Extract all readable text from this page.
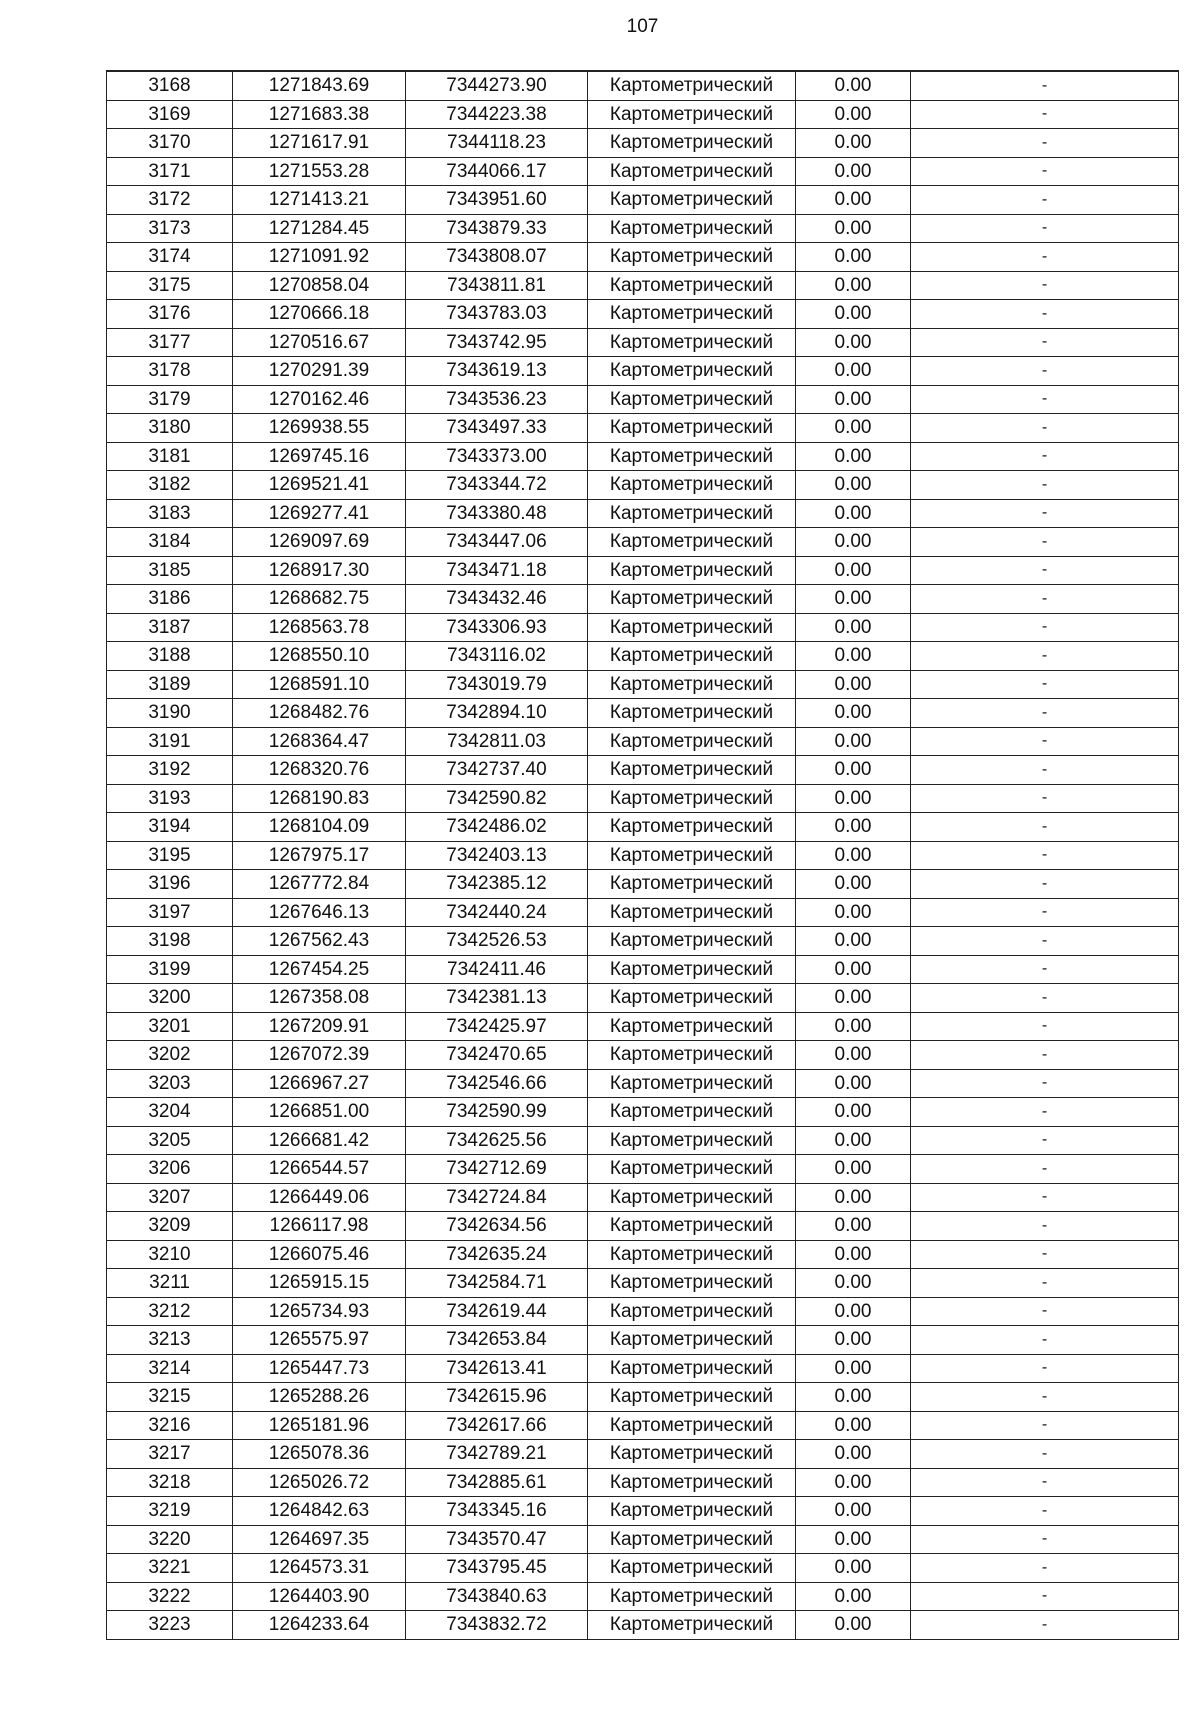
107
3168	1271843.69	7344273.90	Картометрический	0.00	-
3169	1271683.38	7344223.38	Картометрический	0.00	-
3170	1271617.91	7344118.23	Картометрический	0.00	-
3171	1271553.28	7344066.17	Картометрический	0.00	-
3172	1271413.21	7343951.60	Картометрический	0.00	-
3173	1271284.45	7343879.33	Картометрический	0.00	-
3174	1271091.92	7343808.07	Картометрический	0.00	-
3175	1270858.04	7343811.81	Картометрический	0.00	-
3176	1270666.18	7343783.03	Картометрический	0.00	-
3177	1270516.67	7343742.95	Картометрический	0.00	-
3178	1270291.39	7343619.13	Картометрический	0.00	-
3179	1270162.46	7343536.23	Картометрический	0.00	-
3180	1269938.55	7343497.33	Картометрический	0.00	-
3181	1269745.16	7343373.00	Картометрический	0.00	-
3182	1269521.41	7343344.72	Картометрический	0.00	-
3183	1269277.41	7343380.48	Картометрический	0.00	-
3184	1269097.69	7343447.06	Картометрический	0.00	-
3185	1268917.30	7343471.18	Картометрический	0.00	-
3186	1268682.75	7343432.46	Картометрический	0.00	-
3187	1268563.78	7343306.93	Картометрический	0.00	-
3188	1268550.10	7343116.02	Картометрический	0.00	-
3189	1268591.10	7343019.79	Картометрический	0.00	-
3190	1268482.76	7342894.10	Картометрический	0.00	-
3191	1268364.47	7342811.03	Картометрический	0.00	-
3192	1268320.76	7342737.40	Картометрический	0.00	-
3193	1268190.83	7342590.82	Картометрический	0.00	-
3194	1268104.09	7342486.02	Картометрический	0.00	-
3195	1267975.17	7342403.13	Картометрический	0.00	-
3196	1267772.84	7342385.12	Картометрический	0.00	-
3197	1267646.13	7342440.24	Картометрический	0.00	-
3198	1267562.43	7342526.53	Картометрический	0.00	-
3199	1267454.25	7342411.46	Картометрический	0.00	-
3200	1267358.08	7342381.13	Картометрический	0.00	-
3201	1267209.91	7342425.97	Картометрический	0.00	-
3202	1267072.39	7342470.65	Картометрический	0.00	-
3203	1266967.27	7342546.66	Картометрический	0.00	-
3204	1266851.00	7342590.99	Картометрический	0.00	-
3205	1266681.42	7342625.56	Картометрический	0.00	-
3206	1266544.57	7342712.69	Картометрический	0.00	-
3207	1266449.06	7342724.84	Картометрический	0.00	-
3209	1266117.98	7342634.56	Картометрический	0.00	-
3210	1266075.46	7342635.24	Картометрический	0.00	-
3211	1265915.15	7342584.71	Картометрический	0.00	-
3212	1265734.93	7342619.44	Картометрический	0.00	-
3213	1265575.97	7342653.84	Картометрический	0.00	-
3214	1265447.73	7342613.41	Картометрический	0.00	-
3215	1265288.26	7342615.96	Картометрический	0.00	-
3216	1265181.96	7342617.66	Картометрический	0.00	-
3217	1265078.36	7342789.21	Картометрический	0.00	-
3218	1265026.72	7342885.61	Картометрический	0.00	-
3219	1264842.63	7343345.16	Картометрический	0.00	-
3220	1264697.35	7343570.47	Картометрический	0.00	-
3221	1264573.31	7343795.45	Картометрический	0.00	-
3222	1264403.90	7343840.63	Картометрический	0.00	-
3223	1264233.64	7343832.72	Картометрический	0.00	-
